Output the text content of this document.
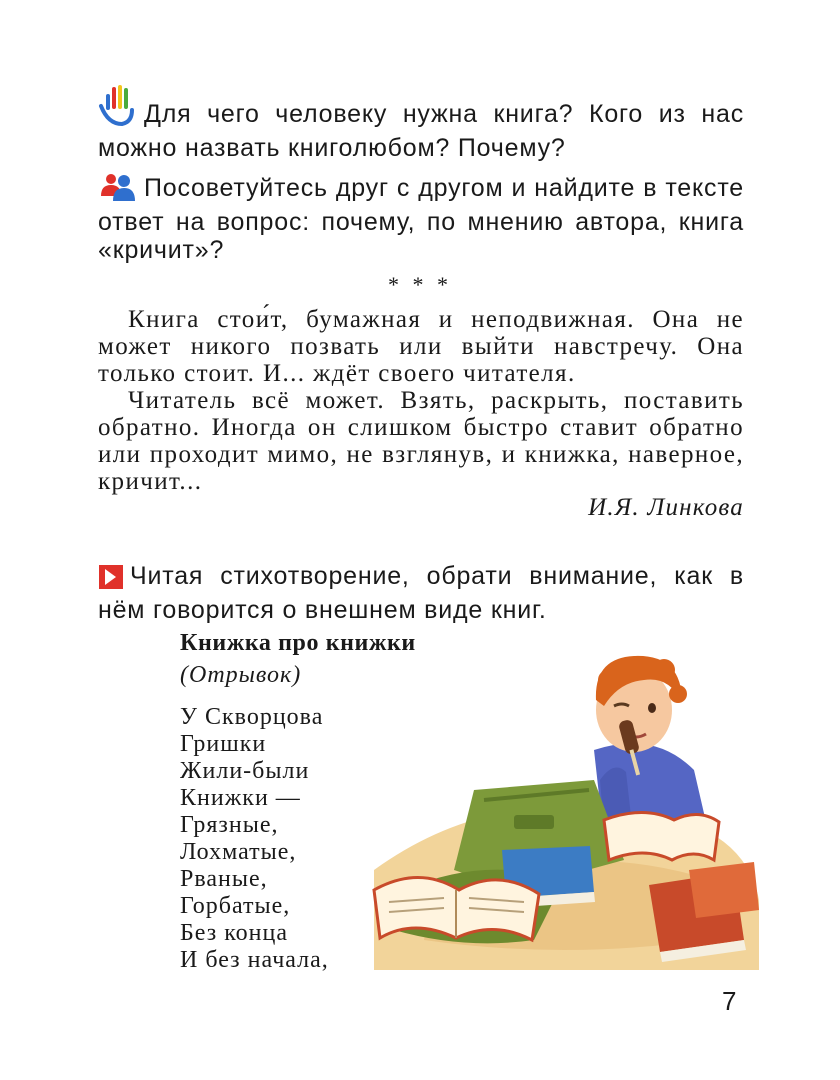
Для чего человеку нужна книга? Кого из нас можно назвать книголюбом? Почему?

Посоветуйтесь друг с другом и найдите в тексте ответ на вопрос: почему, по мнению автора, книга «кричит»?

* * *

Книга стои́т, бумажная и неподвижная. Она не может никого позвать или выйти навстречу. Она только стоит. И... ждёт своего читателя.

Читатель всё может. Взять, раскрыть, поставить обратно. Иногда он слишком быстро ставит обратно или проходит мимо, не взглянув, и книжка, наверное, кричит...

И.Я. Линкова

Читая стихотворение, обрати внимание, как в нём говорится о внешнем виде книг.

Книжка про книжки
(Отрывок)
У Скворцова
Гришки
Жили-были
Книжки —
Грязные,
Лохматые,
Рваные,
Горбатые,
Без конца
И без начала,
7
